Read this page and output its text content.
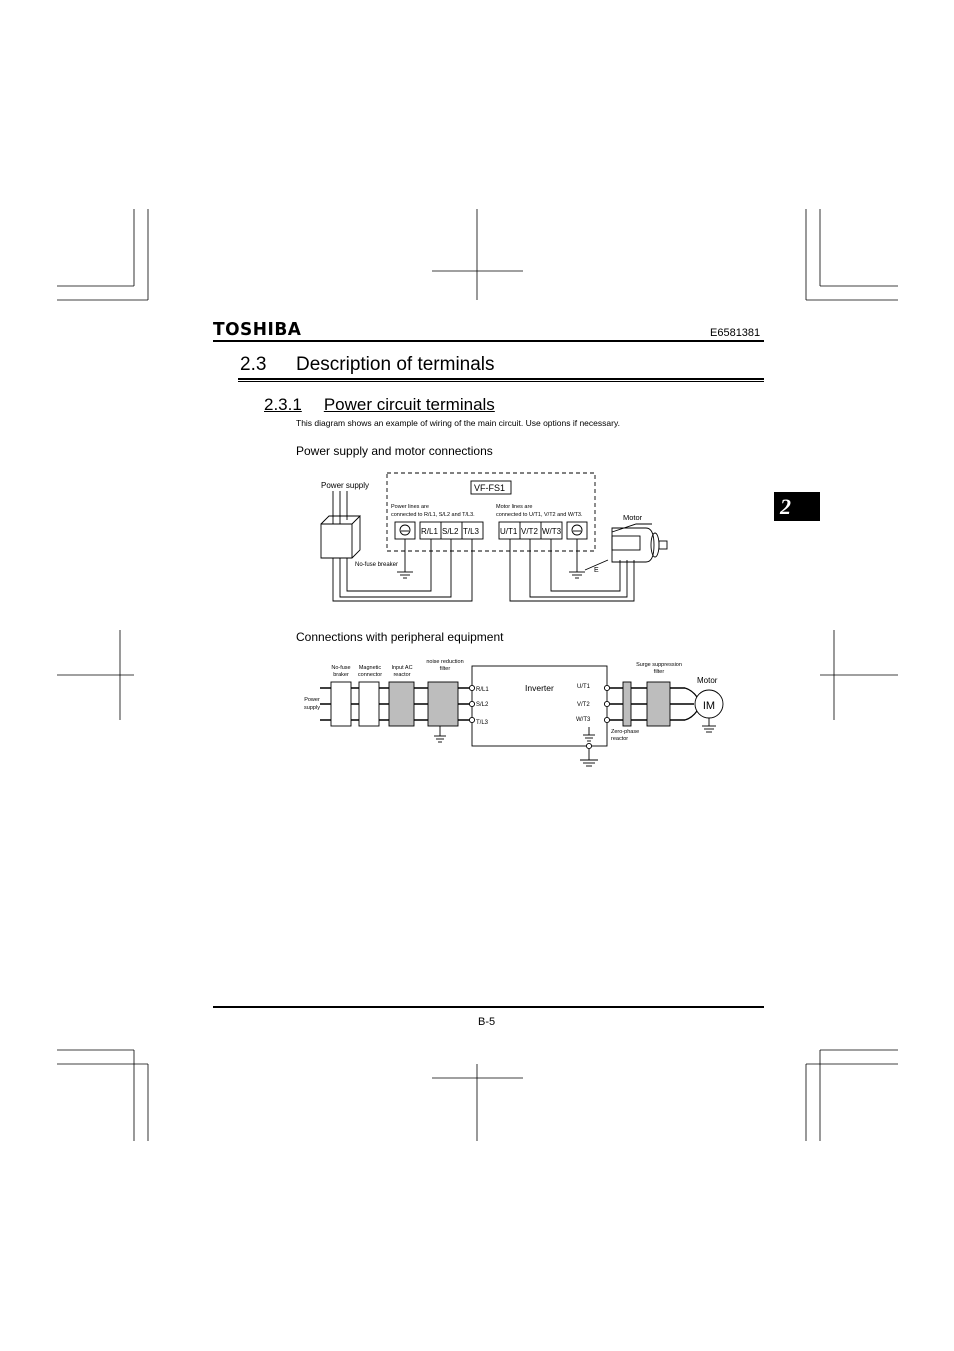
TOSHIBA	E6581381
2.3 Description of terminals
2.3.1 Power circuit terminals
This diagram shows an example of wiring of the main circuit. Use options if necessary.
2
Power supply and motor connections
Power supply	VF-FS1
Power lines are
connected to R/L1, S/L2 and T/L3.
Motor lines are
connected to U/T1, V/T2 and W/T3.
R/L1 S/L2 T/L3	U/T1 V/T2 W/T3
No-fuse breaker
Motor
E
Connections with peripheral equipment
Power
supply
No-fuse
braker
Magnetic
connector
Input AC
reactor
noise reduction
filter
Surge suppression
filter
R/L1
S/L2
T/L3
U/T1
V/T2
W/T3
Zero-phase
reactor
Inverter
Motor
IM
B-5
